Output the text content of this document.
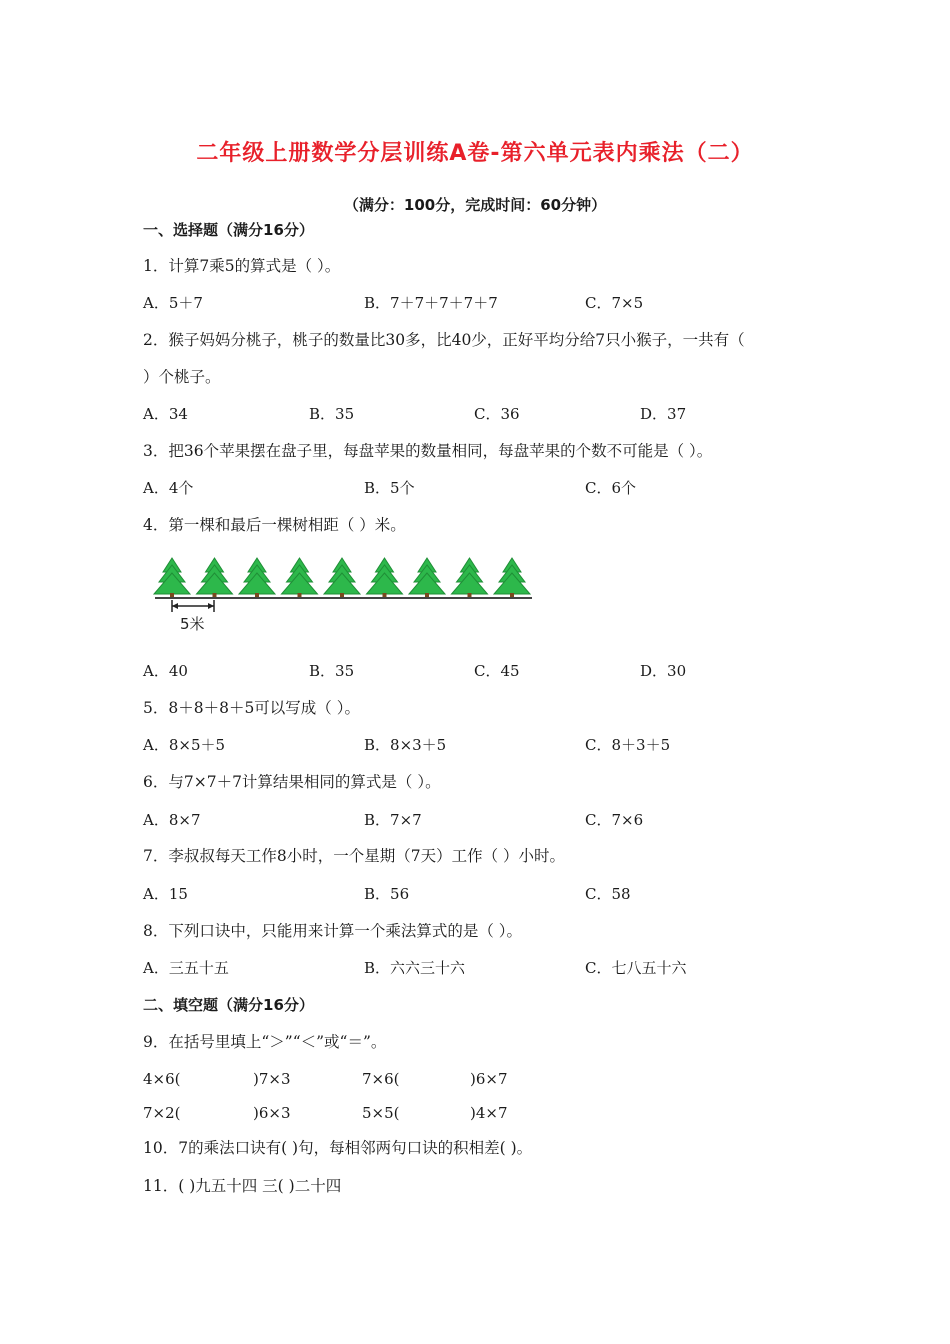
二年级上册数学分层训练A卷-第六单元表内乘法（二）
（满分：100分，完成时间：60分钟）
一、选择题（满分16分）
1．计算7乘5的算式是（ ）。
A．5＋7	B．7＋7＋7＋7＋7	C．7×5
2．猴子妈妈分桃子，桃子的数量比30多，比40少，正好平均分给7只小猴子，一共有（
）个桃子。
A．34	B．35	C．36	D．37
3．把36个苹果摆在盘子里，每盘苹果的数量相同，每盘苹果的个数不可能是（ ）。
A．4个	B．5个	C．6个
4．第一棵和最后一棵树相距（ ）米。
5米
A．40	B．35	C．45	D．30
5．8＋8＋8＋5可以写成（ ）。
A．8×5＋5	B．8×3＋5	C．8＋3＋5
6．与7×7＋7计算结果相同的算式是（ ）。
A．8×7	B．7×7	C．7×6
7．李叔叔每天工作8小时，一个星期（7天）工作（ ）小时。
A．15	B．56	C．58
8．下列口诀中，只能用来计算一个乘法算式的是（ ）。
A．三五十五	B．六六三十六	C．七八五十六
二、填空题（满分16分）
9．在括号里填上“＞”“＜”或“＝”。
4×6(	)7×3	7×6(	)6×7
7×2(	)6×3	5×5(	)4×7
10．7的乘法口诀有( )句，每相邻两句口诀的积相差( )。
11．( )九五十四 三( )二十四
